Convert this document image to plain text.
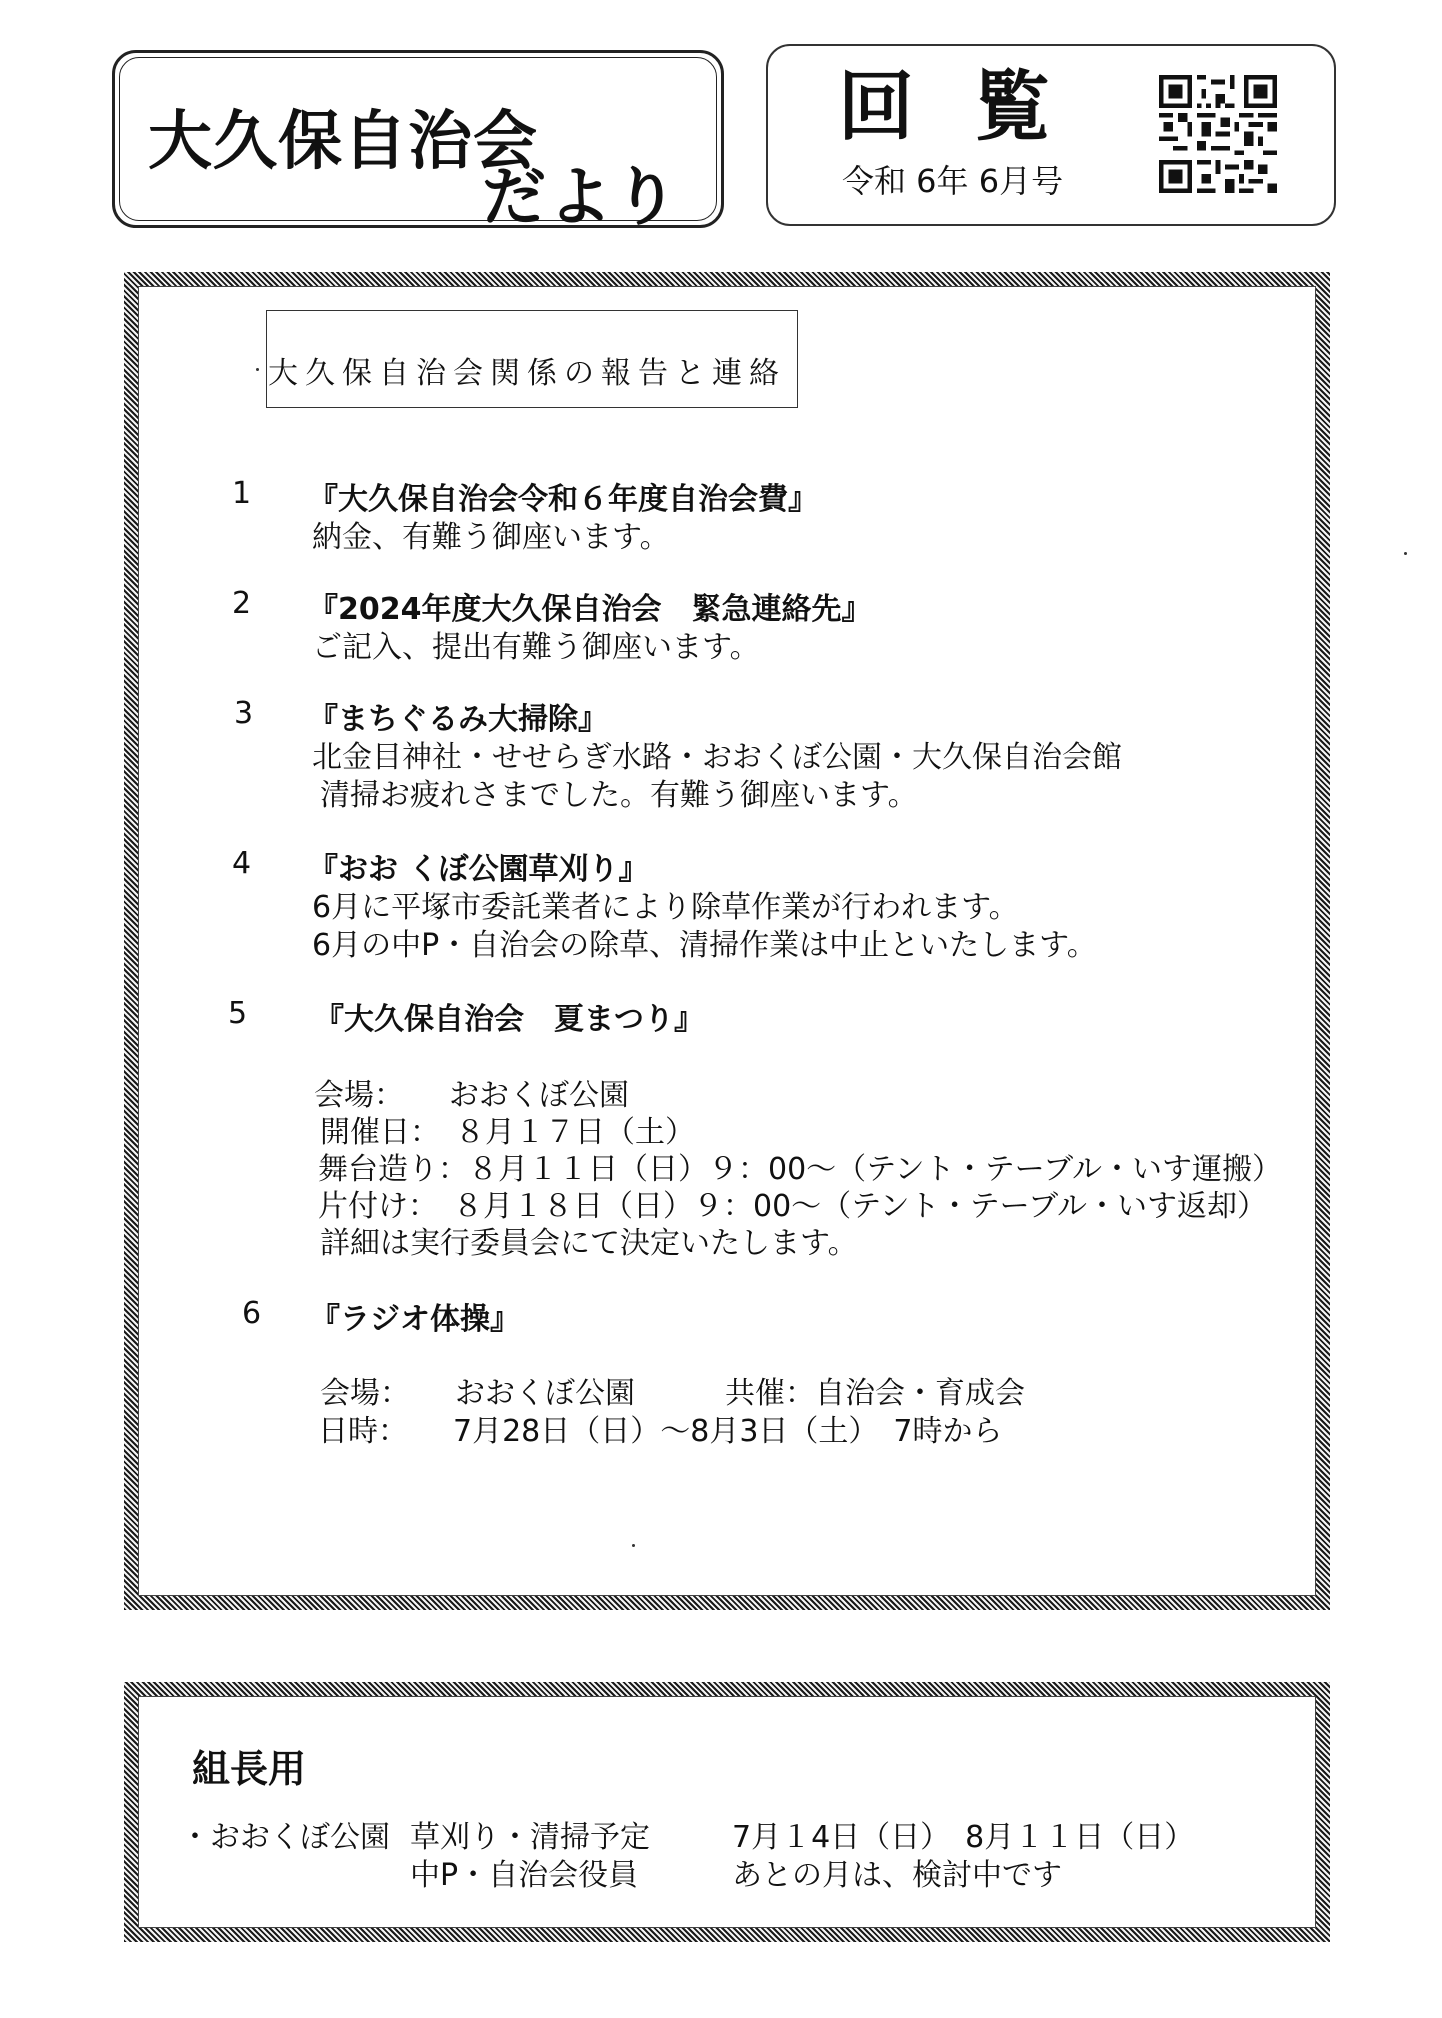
大久保自治会
だより
回覧
令和 6年 6月号
大久保自治会関係の報告と連絡
1 『大久保自治会令和６年度自治会費』
納金、有難う御座います。
2 『2024年度大久保自治会　緊急連絡先』
ご記入、提出有難う御座います。
3 『まちぐるみ大掃除』
北金目神社・せせらぎ水路・おおくぼ公園・大久保自治会館
清掃お疲れさまでした。有難う御座います。
4 『おお くぼ公園草刈り』
6月に平塚市委託業者により除草作業が行われます。
6月の中P・自治会の除草、清掃作業は中止といたします。
5 『大久保自治会　夏まつり』
会場：　　おおくぼ公園
開催日：　８月１７日（土）
舞台造り：８月１１日（日）９：00～（テント・テーブル・いす運搬）
片付け：　８月１８日（日）９：00～（テント・テーブル・いす返却）
詳細は実行委員会にて決定いたします。
6 『ラジオ体操』
会場：　　おおくぼ公園　　　共催：自治会・育成会
日時：　　7月28日（日）～8月3日（土）　7時から
組長用
・おおくぼ公園 草刈り・清掃予定	7月１4日（日）　8月１１日（日）
中P・自治会役員	あとの月は、検討中です
